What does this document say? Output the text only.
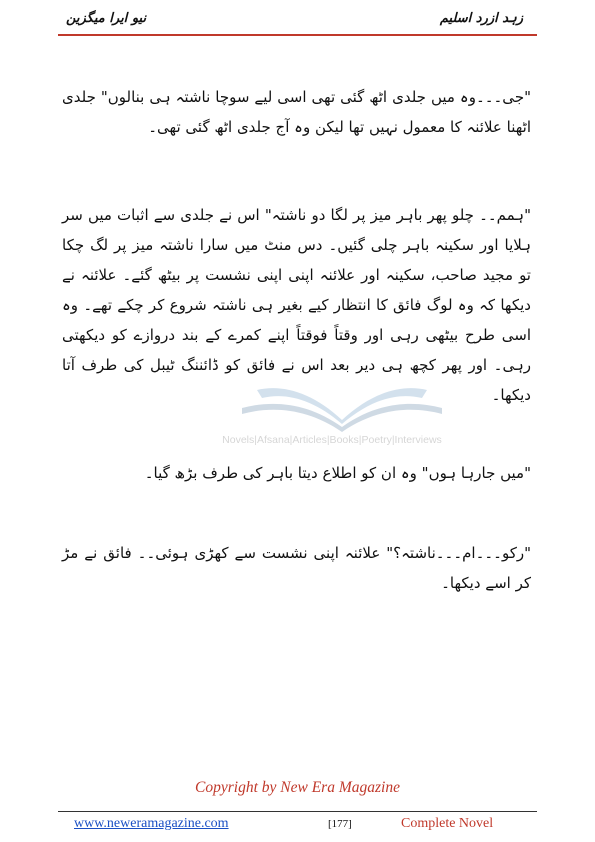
نیو ایرا میگزین	زہد ازرد اسلیم
Novels|Afsana|Articles|Books|Poetry|Interviews

"جی۔۔۔وہ میں جلدی اٹھ گئی تھی اسی لیے سوچا ناشتہ ہی بنالوں" جلدی اٹھنا علائنہ کا معمول نہیں تھا لیکن وہ آج جلدی اٹھ گئی تھی۔

"ہمم۔۔ چلو پھر باہر میز پر لگا دو ناشتہ" اس نے جلدی سے اثبات میں سر ہلایا اور سکینہ باہر چلی گئیں۔ دس منٹ میں سارا ناشتہ میز پر لگ چکا تو مجید صاحب، سکینہ اور علائنہ اپنی اپنی نشست پر بیٹھ گئے۔ علائنہ نے دیکھا کہ وہ لوگ فائق کا انتظار کیے بغیر ہی ناشتہ شروع کر چکے تھے۔ وہ اسی طرح بیٹھی رہی اور وقتاً فوقتاً اپنے کمرے کے بند دروازے کو دیکھتی رہی۔ اور پھر کچھ ہی دیر بعد اس نے فائق کو ڈائننگ ٹیبل کی طرف آتا دیکھا۔

"میں جارہا ہوں" وہ ان کو اطلاع دیتا باہر کی طرف بڑھ گیا۔

"رکو۔۔۔ام۔۔۔ناشتہ؟" علائنہ اپنی نشست سے کھڑی ہوئی۔۔ فائق نے مڑ کر اسے دیکھا۔

Copyright by New Era Magazine
www.neweramagazine.com	[177]	Complete Novel
